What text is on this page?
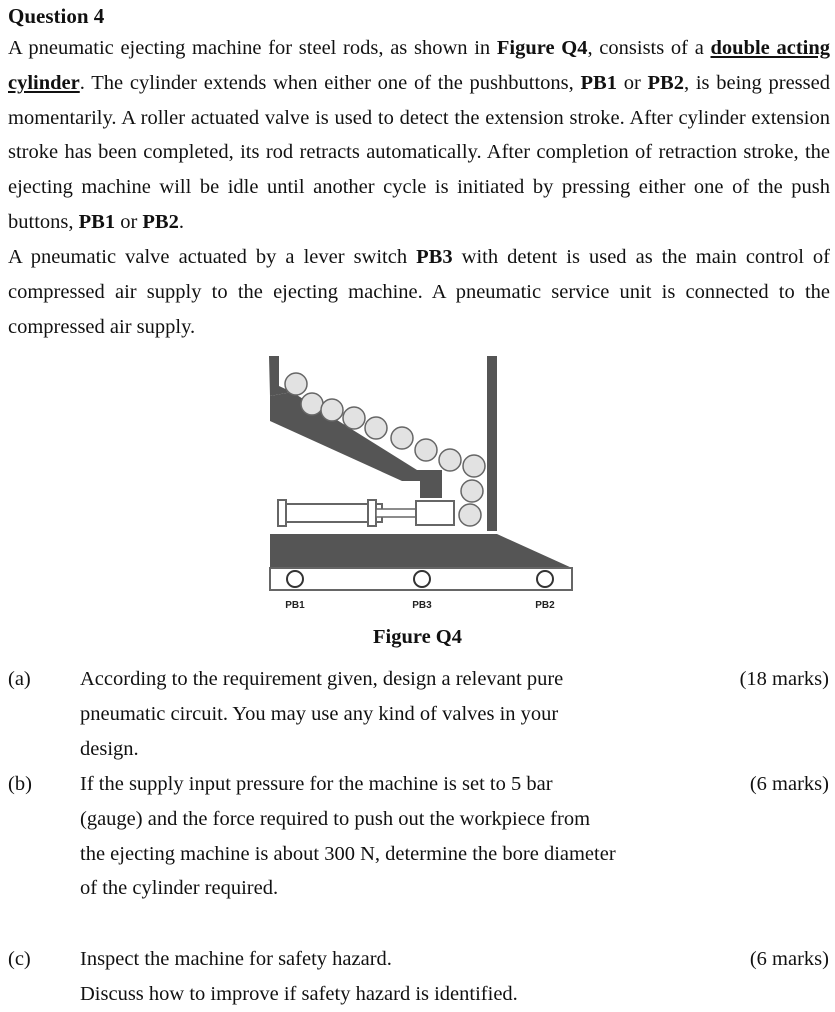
Question 4

A pneumatic ejecting machine for steel rods, as shown in Figure Q4, consists of a double acting cylinder. The cylinder extends when either one of the pushbuttons, PB1 or PB2, is being pressed momentarily. A roller actuated valve is used to detect the extension stroke. After cylinder extension stroke has been completed, its rod retracts automatically. After completion of retraction stroke, the ejecting machine will be idle until another cycle is initiated by pressing either one of the push buttons, PB1 or PB2.

A pneumatic valve actuated by a lever switch PB3 with detent is used as the main control of compressed air supply to the ejecting machine. A pneumatic service unit is connected to the compressed air supply.

PB1	PB3	PB2
Figure Q4
(a) According to the requirement given, design a relevant pure
pneumatic circuit. You may use any kind of valves in your
design.
(18 marks)
(b) If the supply input pressure for the machine is set to 5 bar
(gauge) and the force required to push out the workpiece from
the ejecting machine is about 300 N, determine the bore diameter
of the cylinder required.
(6 marks)
(c) Inspect the machine for safety hazard.
Discuss how to improve if safety hazard is identified.
(6 marks)
